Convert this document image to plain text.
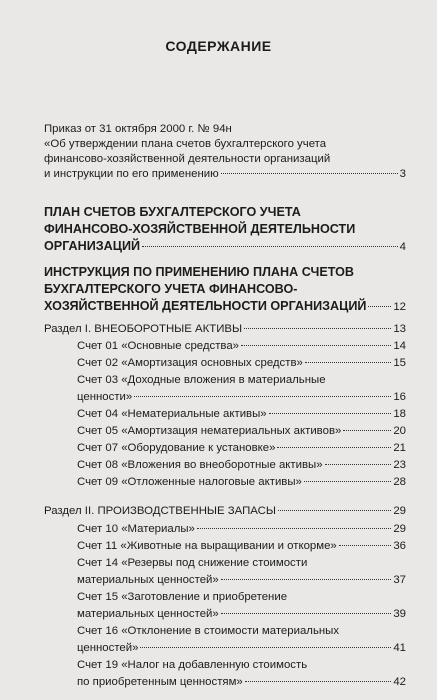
СОДЕРЖАНИЕ
Приказ от 31 октября 2000 г. № 94н
«Об утверждении плана счетов бухгалтерского учета
финансово-хозяйственной деятельности организаций
и инструкции по его применению	3
ПЛАН СЧЕТОВ БУХГАЛТЕРСКОГО УЧЕТА
ФИНАНСОВО-ХОЗЯЙСТВЕННОЙ ДЕЯТЕЛЬНОСТИ
ОРГАНИЗАЦИЙ	4
ИНСТРУКЦИЯ ПО ПРИМЕНЕНИЮ ПЛАНА СЧЕТОВ
БУХГАЛТЕРСКОГО УЧЕТА ФИНАНСОВО-
ХОЗЯЙСТВЕННОЙ ДЕЯТЕЛЬНОСТИ ОРГАНИЗАЦИЙ 12
Раздел I. ВНЕОБОРОТНЫЕ АКТИВЫ	13
Счет 01 «Основные средства»	14
Счет 02 «Амортизация основных средств»	15
Счет 03 «Доходные вложения в материальные
ценности»	16
Счет 04 «Нематериальные активы»	18
Счет 05 «Амортизация нематериальных активов»	20
Счет 07 «Оборудование к установке»	21
Счет 08 «Вложения во внеоборотные активы»	23
Счет 09 «Отложенные налоговые активы»	28
Раздел II. ПРОИЗВОДСТВЕННЫЕ ЗАПАСЫ	29
Счет 10 «Материалы»	29
Счет 11 «Животные на выращивании и откорме»	36
Счет 14 «Резервы под снижение стоимости
материальных ценностей»	37
Счет 15 «Заготовление и приобретение
материальных ценностей»	39
Счет 16 «Отклонение в стоимости материальных
ценностей»	41
Счет 19 «Налог на добавленную стоимость
по приобретенным ценностям»	42
